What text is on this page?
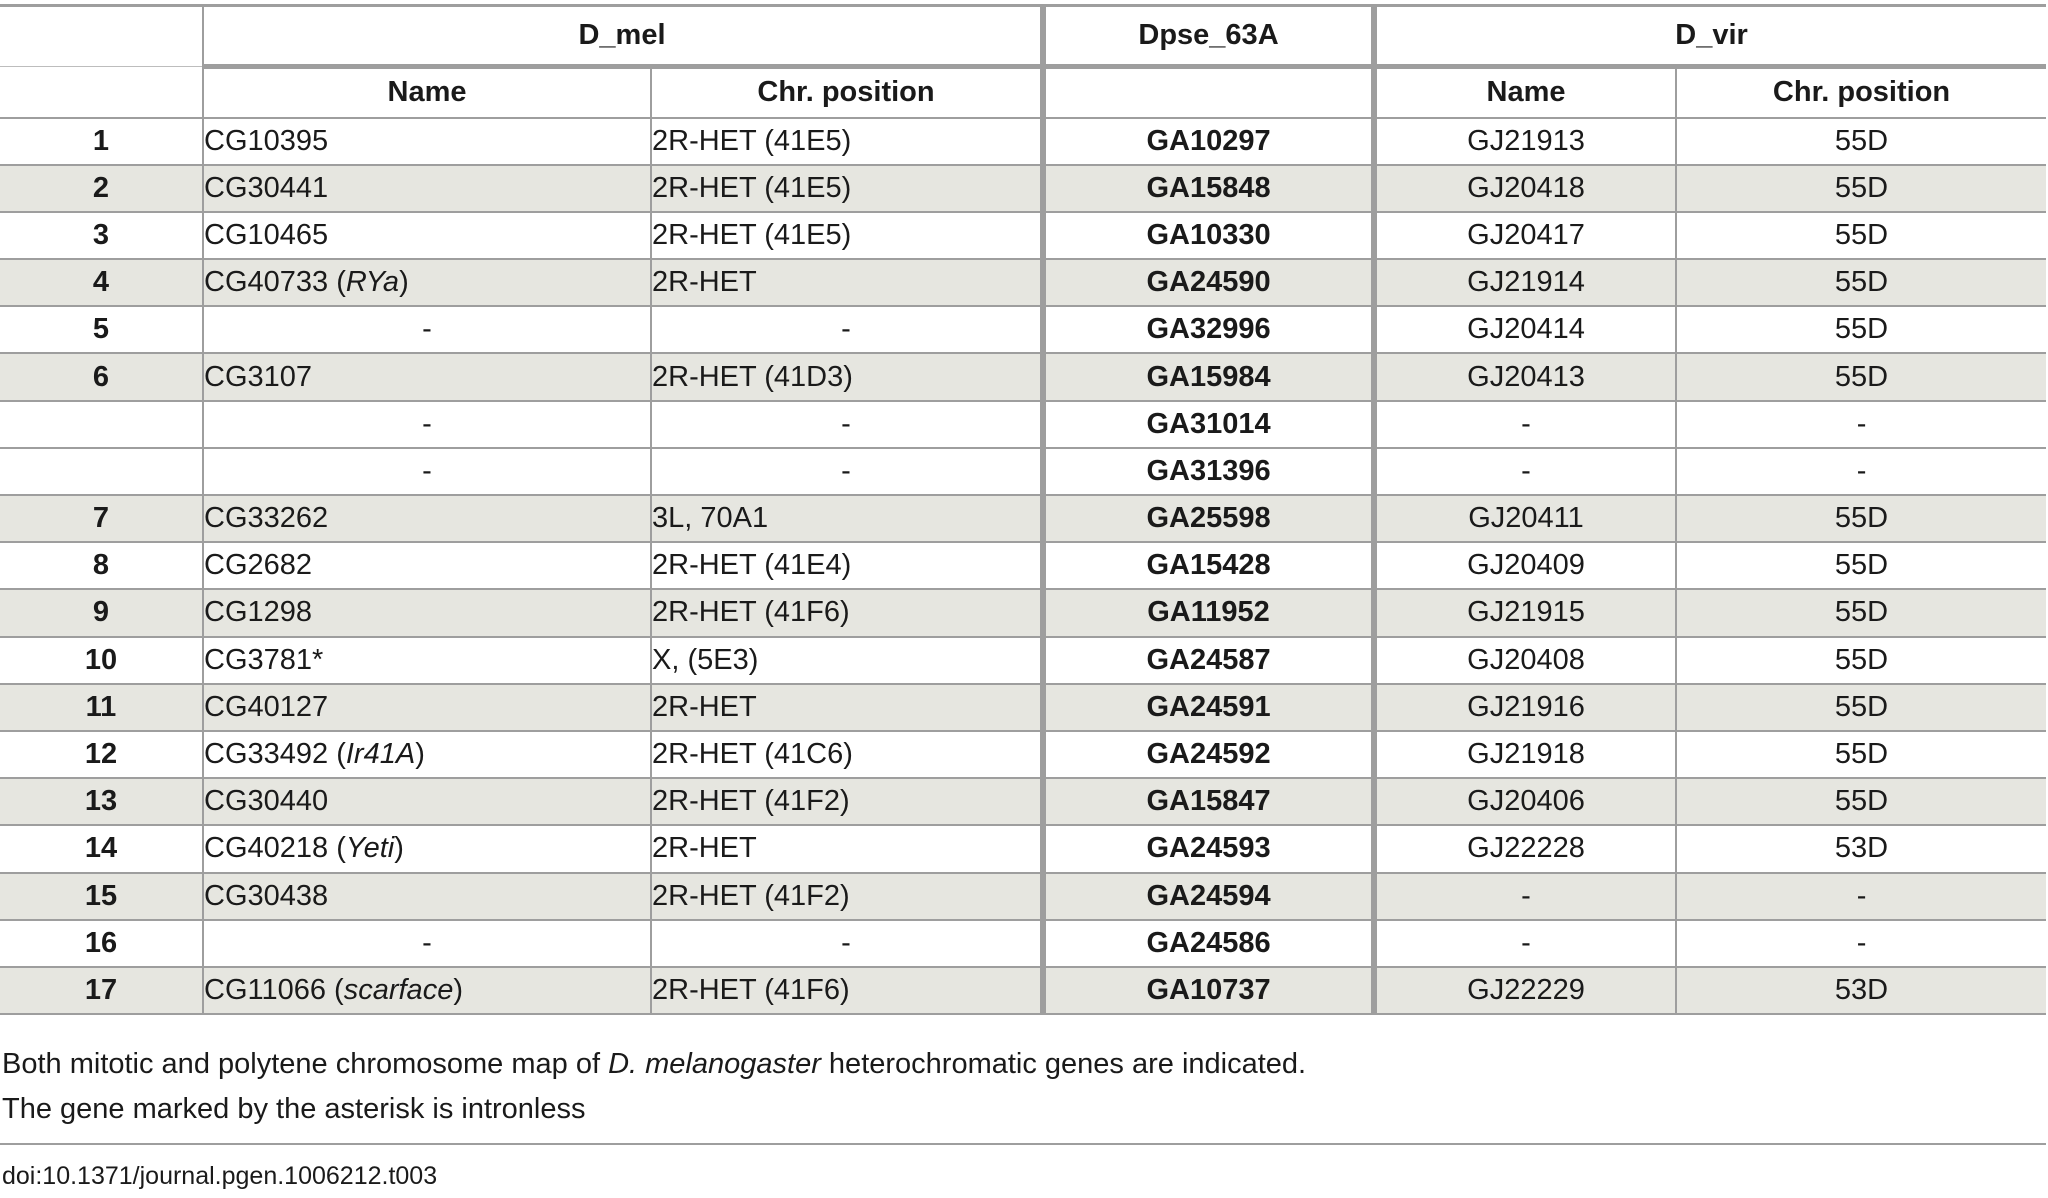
	D_mel		Dpse_63A	D_vir	
	Name	Chr. position		Name	Chr. position
1	CG10395	2R-HET (41E5)	GA10297	GJ21913	55D
2	CG30441	2R-HET (41E5)	GA15848	GJ20418	55D
3	CG10465	2R-HET (41E5)	GA10330	GJ20417	55D
4	CG40733 (RYa)	2R-HET	GA24590	GJ21914	55D
5	-	-	GA32996	GJ20414	55D
6	CG3107	2R-HET (41D3)	GA15984	GJ20413	55D
	-	-	GA31014	-	-
	-	-	GA31396	-	-
7	CG33262	3L, 70A1	GA25598	GJ20411	55D
8	CG2682	2R-HET (41E4)	GA15428	GJ20409	55D
9	CG1298	2R-HET (41F6)	GA11952	GJ21915	55D
10	CG3781*	X, (5E3)	GA24587	GJ20408	55D
11	CG40127	2R-HET	GA24591	GJ21916	55D
12	CG33492 (Ir41A)	2R-HET (41C6)	GA24592	GJ21918	55D
13	CG30440	2R-HET (41F2)	GA15847	GJ20406	55D
14	CG40218 (Yeti)	2R-HET	GA24593	GJ22228	53D
15	CG30438	2R-HET (41F2)	GA24594	-	-
16	-	-	GA24586	-	-
17	CG11066 (scarface)	2R-HET (41F6)	GA10737	GJ22229	53D
Both mitotic and polytene chromosome map of D. melanogaster heterochromatic genes are indicated.
The gene marked by the asterisk is intronless
doi:10.1371/journal.pgen.1006212.t003
